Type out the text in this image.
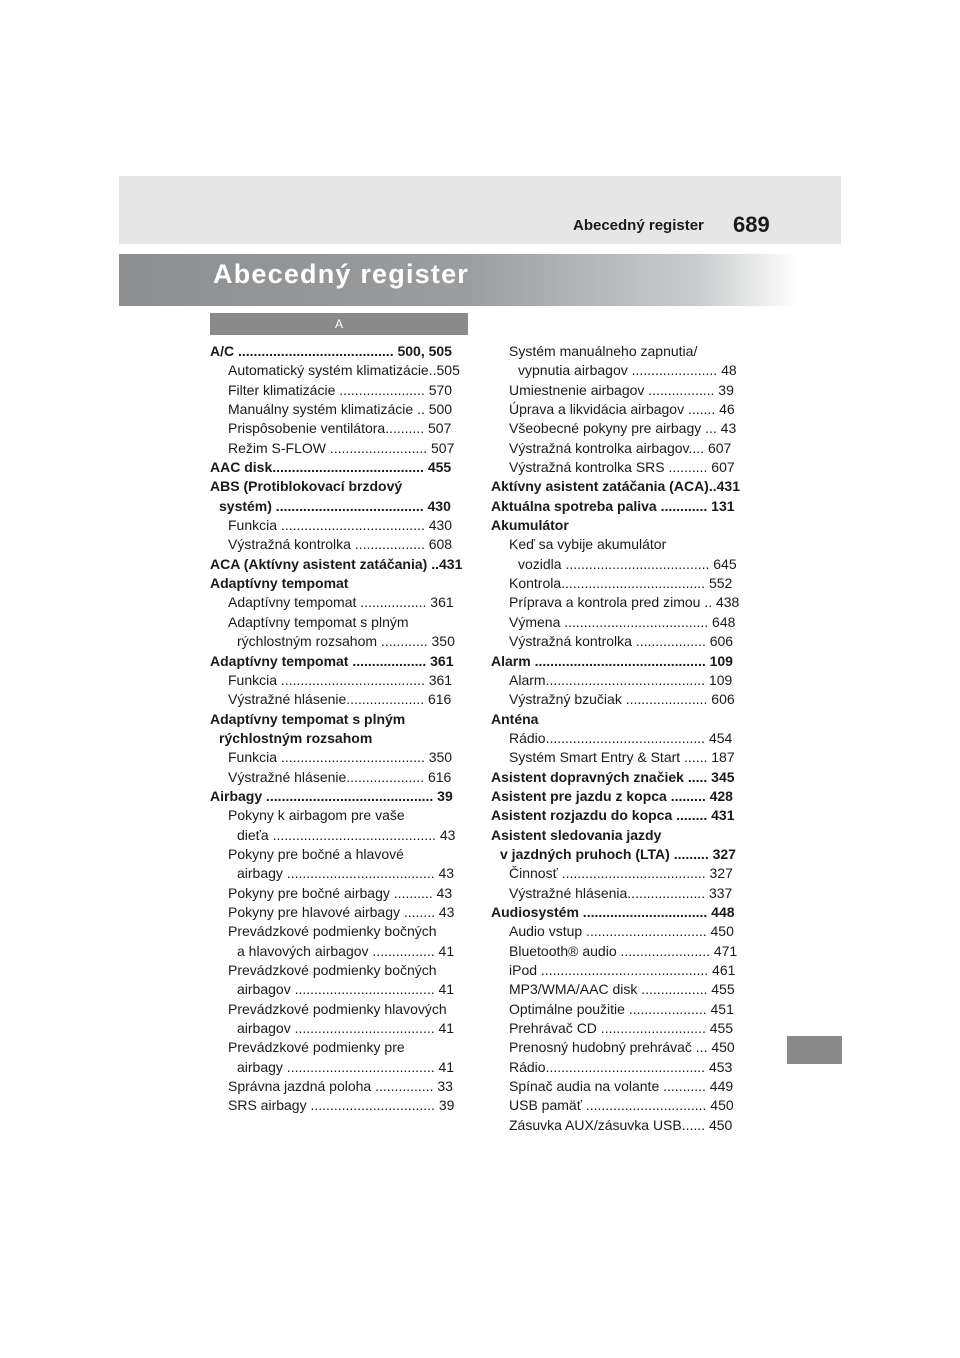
Abecedný register 689
Abecedný register
A
A/C ........................................ 500, 505
Automatický systém klimatizácie..505
Filter klimatizácie ...................... 570
Manuálny systém klimatizácie .. 500
Prispôsobenie ventilátora.......... 507
Režim S-FLOW ......................... 507
AAC disk....................................... 455
ABS (Protiblokovací brzdový
systém) ...................................... 430
Funkcia ..................................... 430
Výstražná kontrolka .................. 608
ACA (Aktívny asistent zatáčania) ..431
Adaptívny tempomat
Adaptívny tempomat ................. 361
Adaptívny tempomat s plným
rýchlostným rozsahom ............ 350
Adaptívny tempomat ................... 361
Funkcia ..................................... 361
Výstražné hlásenie.................... 616
Adaptívny tempomat s plným
rýchlostným rozsahom
Funkcia ..................................... 350
Výstražné hlásenie.................... 616
Airbagy ........................................... 39
Pokyny k airbagom pre vaše
dieťa .......................................... 43
Pokyny pre bočné a hlavové
airbagy ...................................... 43
Pokyny pre bočné airbagy .......... 43
Pokyny pre hlavové airbagy ........ 43
Prevádzkové podmienky bočných
a hlavových airbagov ................ 41
Prevádzkové podmienky bočných
airbagov .................................... 41
Prevádzkové podmienky hlavových
airbagov .................................... 41
Prevádzkové podmienky pre
airbagy ...................................... 41
Správna jazdná poloha ............... 33
SRS airbagy ................................ 39
Systém manuálneho zapnutia/
vypnutia airbagov ...................... 48
Umiestnenie airbagov ................. 39
Úprava a likvidácia airbagov ....... 46
Všeobecné pokyny pre airbagy ... 43
Výstražná kontrolka airbagov.... 607
Výstražná kontrolka SRS .......... 607
Aktívny asistent zatáčania (ACA)..431
Aktuálna spotreba paliva ............ 131
Akumulátor
Keď sa vybije akumulátor
vozidla ..................................... 645
Kontrola..................................... 552
Príprava a kontrola pred zimou .. 438
Výmena ..................................... 648
Výstražná kontrolka .................. 606
Alarm ............................................ 109
Alarm......................................... 109
Výstražný bzučiak ..................... 606
Anténa
Rádio......................................... 454
Systém Smart Entry & Start ...... 187
Asistent dopravných značiek ..... 345
Asistent pre jazdu z kopca ......... 428
Asistent rozjazdu do kopca ........ 431
Asistent sledovania jazdy
v jazdných pruhoch (LTA) ......... 327
Činnosť ..................................... 327
Výstražné hlásenia.................... 337
Audiosystém ................................ 448
Audio vstup ............................... 450
Bluetooth® audio ....................... 471
iPod ........................................... 461
MP3/WMA/AAC disk ................. 455
Optimálne použitie .................... 451
Prehrávač CD ........................... 455
Prenosný hudobný prehrávač ... 450
Rádio......................................... 453
Spínač audia na volante ........... 449
USB pamäť ............................... 450
Zásuvka AUX/zásuvka USB...... 450
